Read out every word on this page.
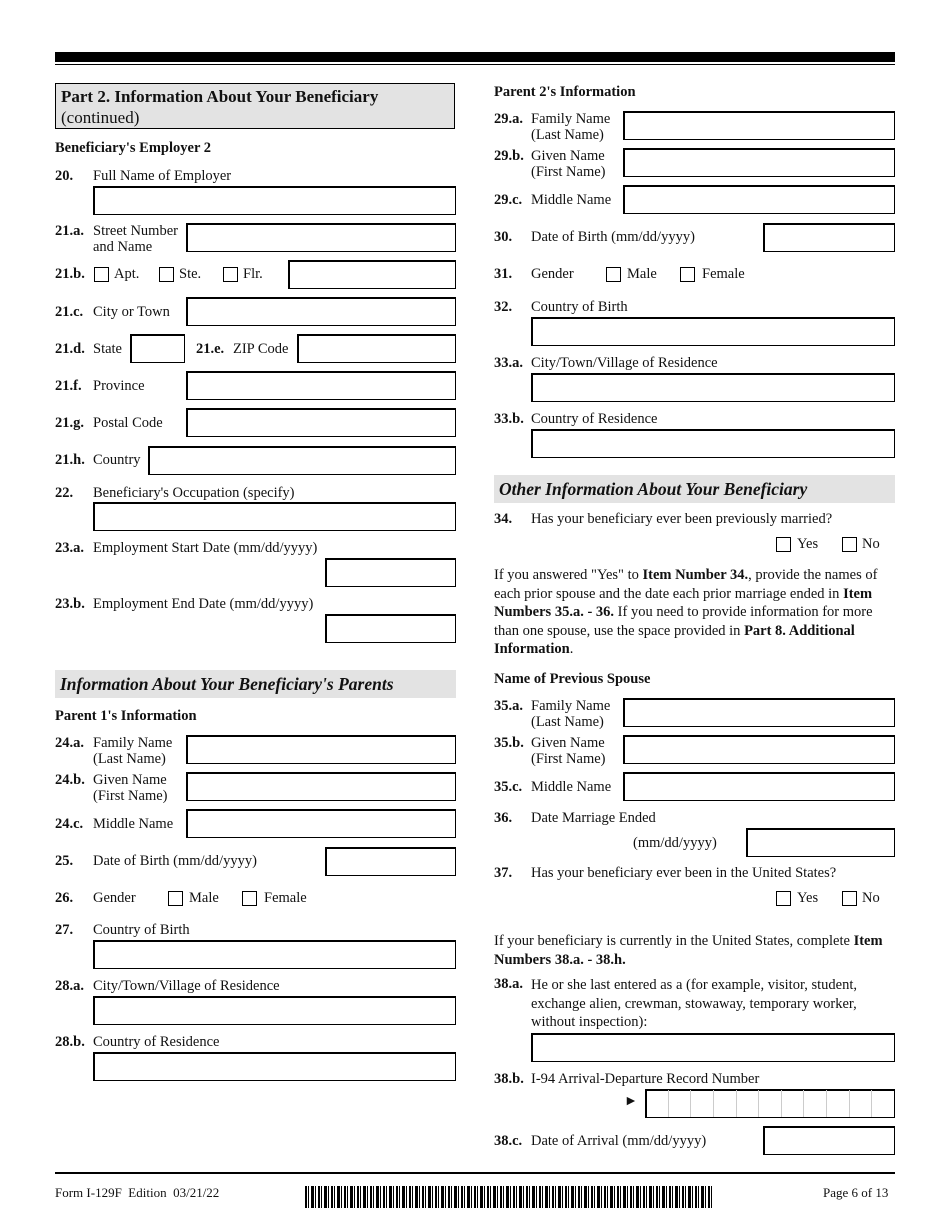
Part 2. Information About Your Beneficiary
(continued)
Beneficiary's Employer 2
20. Full Name of Employer
21.a. Street Number
and Name
21.b. Apt.	Ste.	Flr.
21.c. City or Town
21.d. State	21.e. ZIP Code
21.f. Province
21.g. Postal Code
21.h. Country
22. Beneficiary's Occupation (specify)
23.a. Employment Start Date (mm/dd/yyyy)
23.b. Employment End Date (mm/dd/yyyy)
Information About Your Beneficiary's Parents
Parent 1's Information
24.a. Family Name
(Last Name)
24.b. Given Name
(First Name)
24.c. Middle Name
25. Date of Birth (mm/dd/yyyy)
26. Gender	Male	Female
27. Country of Birth
28.a. City/Town/Village of Residence
28.b. Country of Residence
Parent 2's Information
29.a. Family Name
(Last Name)
29.b. Given Name
(First Name)
29.c. Middle Name
30. Date of Birth (mm/dd/yyyy)
31. Gender	Male	Female
32. Country of Birth
33.a. City/Town/Village of Residence
33.b. Country of Residence
Other Information About Your Beneficiary
34. Has your beneficiary ever been previously married?
Yes	No
If you answered "Yes" to Item Number 34., provide the names of each prior spouse and the date each prior marriage ended in Item Numbers 35.a. - 36. If you need to provide information for more than one spouse, use the space provided in Part 8. Additional Information.
Name of Previous Spouse
35.a. Family Name
(Last Name)
35.b. Given Name
(First Name)
35.c. Middle Name
36. Date Marriage Ended
(mm/dd/yyyy)
37. Has your beneficiary ever been in the United States?
Yes	No
If your beneficiary is currently in the United States, complete Item Numbers 38.a. - 38.h.
38.a. He or she last entered as a (for example, visitor, student, exchange alien, crewman, stowaway, temporary worker, without inspection):
38.b. I-94 Arrival-Departure Record Number
►
38.c. Date of Arrival (mm/dd/yyyy)
Form I-129F  Edition  03/21/22	Page 6 of 13
